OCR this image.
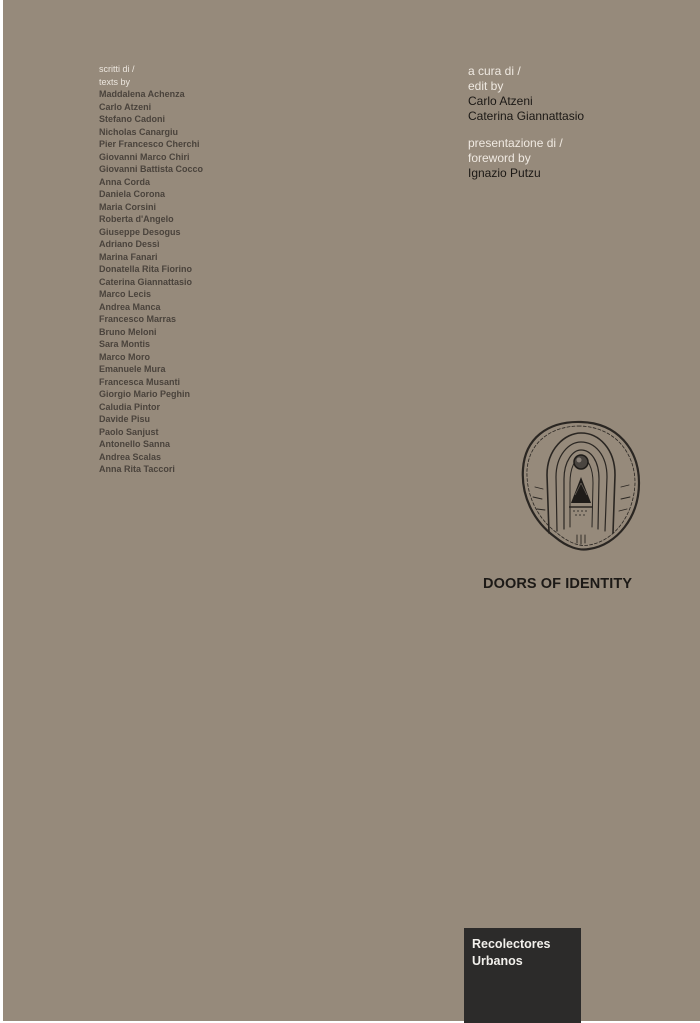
scritti di /
texts by
Maddalena Achenza
Carlo Atzeni
Stefano Cadoni
Nicholas Canargiu
Pier Francesco Cherchi
Giovanni Marco Chiri
Giovanni Battista Cocco
Anna Corda
Daniela Corona
Maria Corsini
Roberta d'Angelo
Giuseppe Desogus
Adriano Dessì
Marina Fanari
Donatella Rita Fiorino
Caterina Giannattasio
Marco Lecis
Andrea Manca
Francesco Marras
Bruno Meloni
Sara Montis
Marco Moro
Emanuele Mura
Francesca Musanti
Giorgio Mario Peghin
Caludia Pintor
Davide Pisu
Paolo Sanjust
Antonello Sanna
Andrea Scalas
Anna Rita Taccori
a cura di /
edit by
Carlo Atzeni
Caterina Giannattasio
presentazione di /
foreword by
Ignazio Putzu
DOORS OF IDENTITY
Recolectores
Urbanos
